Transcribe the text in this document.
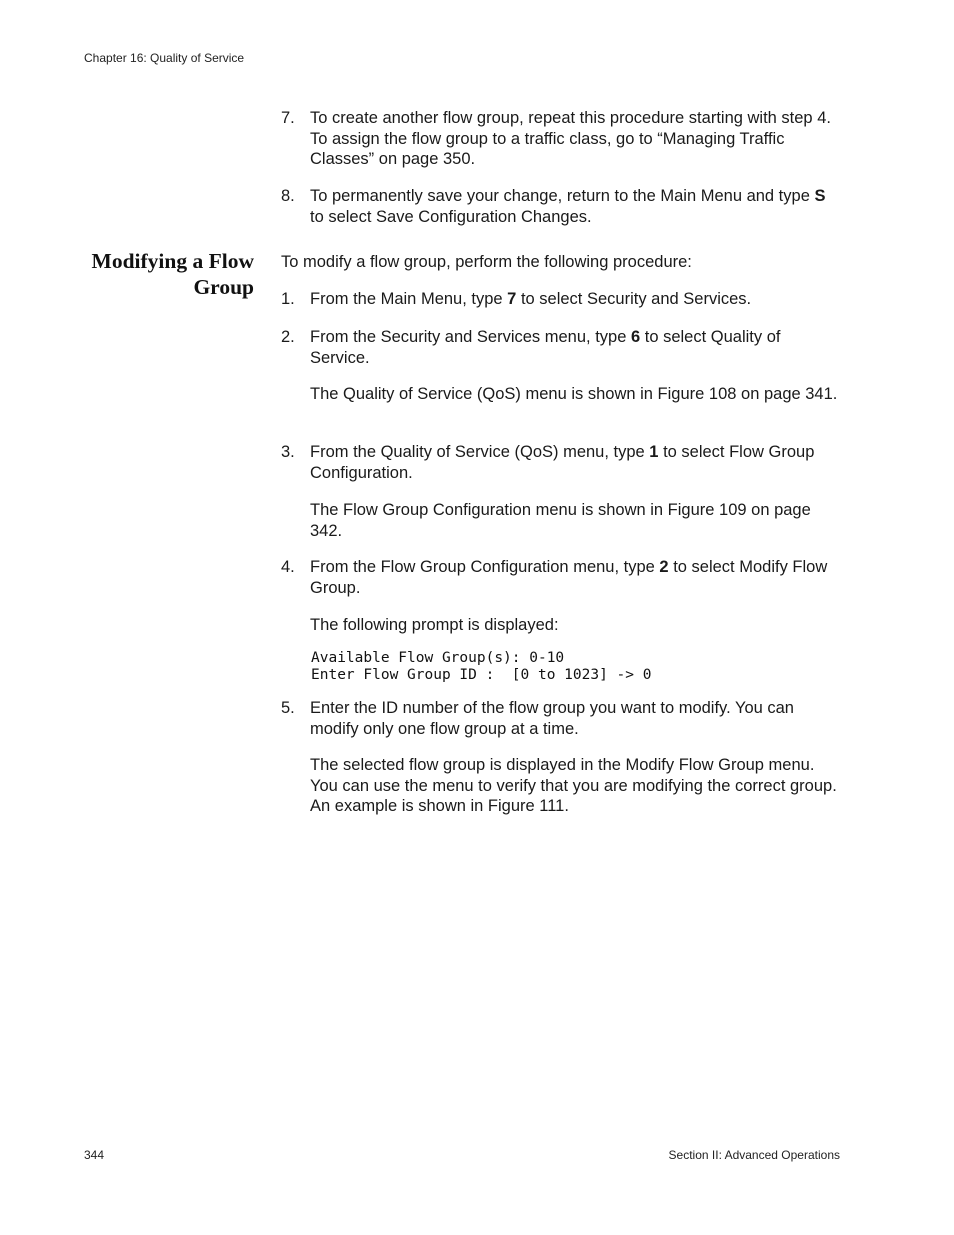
Chapter 16: Quality of Service
7. To create another flow group, repeat this procedure starting with step 4. To assign the flow group to a traffic class, go to “Managing Traffic Classes” on page 350.
8. To permanently save your change, return to the Main Menu and type S to select Save Configuration Changes.
Modifying a Flow
Group
To modify a flow group, perform the following procedure:
1. From the Main Menu, type 7 to select Security and Services.
2. From the Security and Services menu, type 6 to select Quality of Service.
The Quality of Service (QoS) menu is shown in Figure 108 on page 341.
3. From the Quality of Service (QoS) menu, type 1 to select Flow Group Configuration.
The Flow Group Configuration menu is shown in Figure 109 on page 342.
4. From the Flow Group Configuration menu, type 2 to select Modify Flow Group.
The following prompt is displayed:
Available Flow Group(s): 0-10
Enter Flow Group ID :  [0 to 1023] -> 0
5. Enter the ID number of the flow group you want to modify. You can modify only one flow group at a time.
The selected flow group is displayed in the Modify Flow Group menu. You can use the menu to verify that you are modifying the correct group. An example is shown in Figure 111.
344	Section II: Advanced Operations
